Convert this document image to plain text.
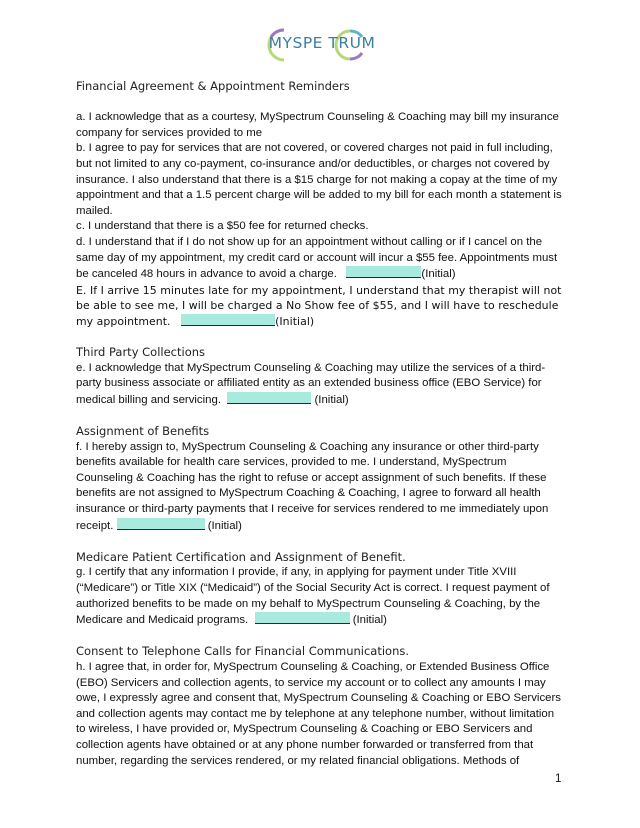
MYSPE TRUM

Financial Agreement & Appointment Reminders

a. I acknowledge that as a courtesy, MySpectrum Counseling & Coaching may bill my insurance company for services provided to me

b. I agree to pay for services that are not covered, or covered charges not paid in full including, but not limited to any co-payment, co-insurance and/or deductibles, or charges not covered by insurance. I also understand that there is a $15 charge for not making a copay at the time of my appointment and that a 1.5 percent charge will be added to my bill for each month a statement is mailed.

c. I understand that there is a $50 fee for returned checks.

d. I understand that if I do not show up for an appointment without calling or if I cancel on the same day of my appointment, my credit card or account will incur a $55 fee. Appointments must be canceled 48 hours in advance to avoid a charge.	(Initial)

E. If I arrive 15 minutes late for my appointment, I understand that my therapist will not be able to see me, I will be charged a No Show fee of $55, and I will have to reschedule my appointment.	(Initial)

Third Party Collections

e. I acknowledge that MySpectrum Counseling & Coaching may utilize the services of a third-party business associate or affiliated entity as an extended business office (EBO Service) for medical billing and servicing.	(Initial)

Assignment of Benefits

f. I hereby assign to, MySpectrum Counseling & Coaching any insurance or other third-party benefits available for health care services, provided to me. I understand, MySpectrum Counseling & Coaching has the right to refuse or accept assignment of such benefits. If these benefits are not assigned to MySpectrum Coaching & Coaching, I agree to forward all health insurance or third-party payments that I receive for services rendered to me immediately upon receipt.	(Initial)

Medicare Patient Certification and Assignment of Benefit.

g. I certify that any information I provide, if any, in applying for payment under Title XVIII (“Medicare”) or Title XIX (“Medicaid”) of the Social Security Act is correct. I request payment of authorized benefits to be made on my behalf to MySpectrum Counseling & Coaching, by the Medicare and Medicaid programs.	(Initial)

Consent to Telephone Calls for Financial Communications.

h. I agree that, in order for, MySpectrum Counseling & Coaching, or Extended Business Office (EBO) Servicers and collection agents, to service my account or to collect any amounts I may owe, I expressly agree and consent that, MySpectrum Counseling & Coaching or EBO Servicers and collection agents may contact me by telephone at any telephone number, without limitation to wireless, I have provided or, MySpectrum Counseling & Coaching or EBO Servicers and collection agents have obtained or at any phone number forwarded or transferred from that number, regarding the services rendered, or my related financial obligations. Methods of

1
